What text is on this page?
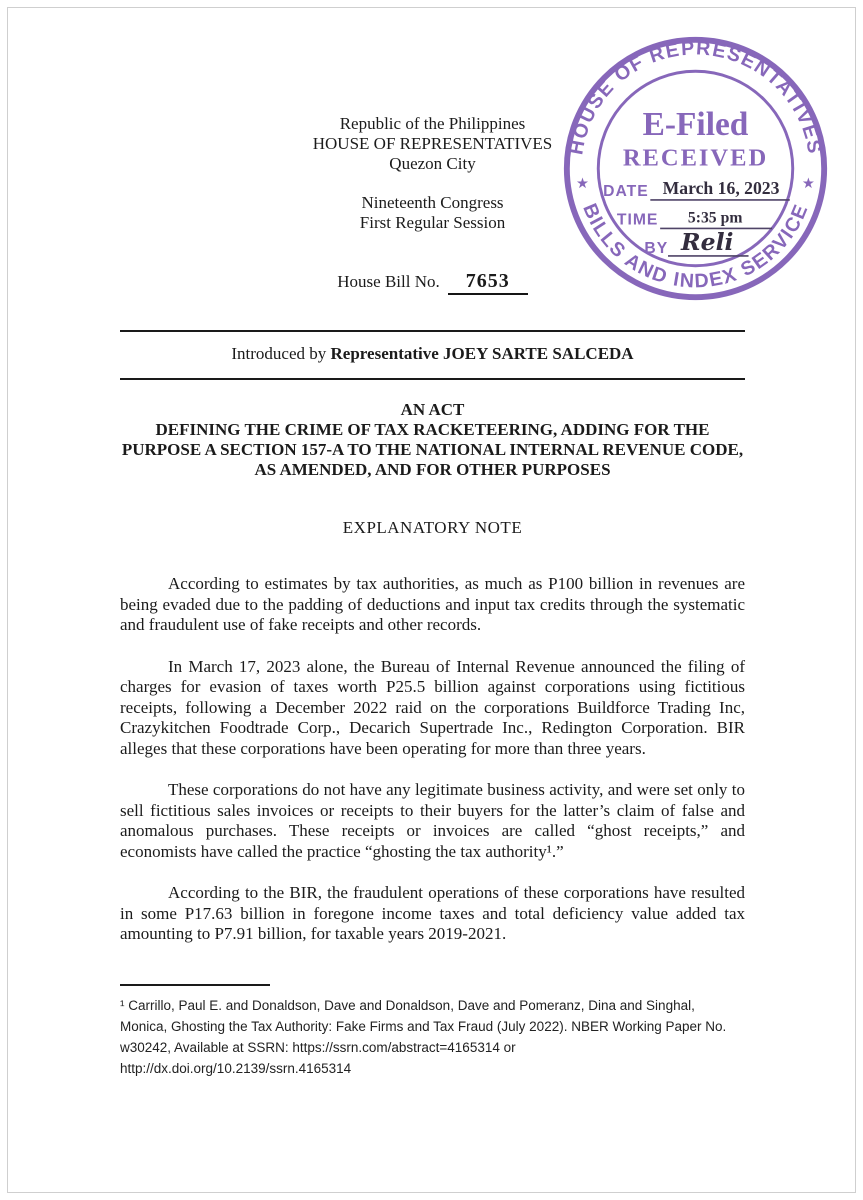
HOUSE OF REPRESENTATIVES
BILLS AND INDEX SERVICE
★	★
E-Filed
RECEIVED
DATE March 16, 2023
TIME 5:35 pm
BY Reli
Republic of the Philippines
HOUSE OF REPRESENTATIVES
Quezon City
Nineteenth Congress
First Regular Session
House Bill No. 7653
Introduced by Representative JOEY SARTE SALCEDA
AN ACT
DEFINING THE CRIME OF TAX RACKETEERING, ADDING FOR THE PURPOSE A SECTION 157-A TO THE NATIONAL INTERNAL REVENUE CODE, AS AMENDED, AND FOR OTHER PURPOSES
EXPLANATORY NOTE

According to estimates by tax authorities, as much as P100 billion in revenues are being evaded due to the padding of deductions and input tax credits through the systematic and fraudulent use of fake receipts and other records.

In March 17, 2023 alone, the Bureau of Internal Revenue announced the filing of charges for evasion of taxes worth P25.5 billion against corporations using fictitious receipts, following a December 2022 raid on the corporations Buildforce Trading Inc, Crazykitchen Foodtrade Corp., Decarich Supertrade Inc., Redington Corporation. BIR alleges that these corporations have been operating for more than three years.

These corporations do not have any legitimate business activity, and were set only to sell fictitious sales invoices or receipts to their buyers for the latter’s claim of false and anomalous purchases. These receipts or invoices are called “ghost receipts,” and economists have called the practice “ghosting the tax authority¹.”

According to the BIR, the fraudulent operations of these corporations have resulted in some P17.63 billion in foregone income taxes and total deficiency value added tax amounting to P7.91 billion, for taxable years 2019-2021.

¹ Carrillo, Paul E. and Donaldson, Dave and Donaldson, Dave and Pomeranz, Dina and Singhal, Monica, Ghosting the Tax Authority: Fake Firms and Tax Fraud (July 2022). NBER Working Paper No. w30242, Available at SSRN: https://ssrn.com/abstract=4165314 or http://dx.doi.org/10.2139/ssrn.4165314
